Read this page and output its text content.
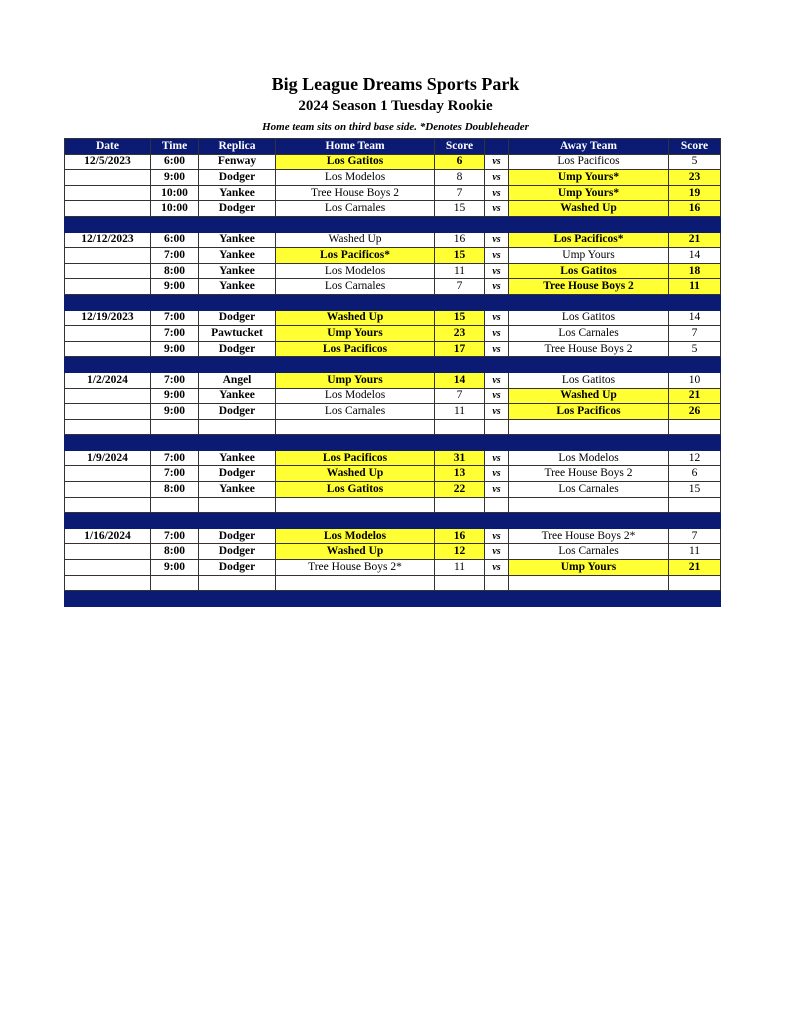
Big League Dreams Sports Park
2024 Season 1 Tuesday Rookie
Home team sits on third base side. *Denotes Doubleheader
Date	Time	Replica	Home Team	Score		Away Team	Score
12/5/2023	6:00	Fenway	Los Gatitos	6	vs	Los Pacificos	5
	9:00	Dodger	Los Modelos	8	vs	Ump Yours*	23
	10:00	Yankee	Tree House Boys 2	7	vs	Ump Yours*	19
	10:00	Dodger	Los Carnales	15	vs	Washed Up	16

12/12/2023	6:00	Yankee	Washed Up	16	vs	Los Pacificos*	21
	7:00	Yankee	Los Pacificos*	15	vs	Ump Yours	14
	8:00	Yankee	Los Modelos	11	vs	Los Gatitos	18
	9:00	Yankee	Los Carnales	7	vs	Tree House Boys 2	11

12/19/2023	7:00	Dodger	Washed Up	15	vs	Los Gatitos	14
	7:00	Pawtucket	Ump Yours	23	vs	Los Carnales	7
	9:00	Dodger	Los Pacificos	17	vs	Tree House Boys 2	5

1/2/2024	7:00	Angel	Ump Yours	14	vs	Los Gatitos	10
	9:00	Yankee	Los Modelos	7	vs	Washed Up	21
	9:00	Dodger	Los Carnales	11	vs	Los Pacificos	26

1/9/2024	7:00	Yankee	Los Pacificos	31	vs	Los Modelos	12
	7:00	Dodger	Washed Up	13	vs	Tree House Boys 2	6
	8:00	Yankee	Los Gatitos	22	vs	Los Carnales	15

1/16/2024	7:00	Dodger	Los Modelos	16	vs	Tree House Boys 2*	7
	8:00	Dodger	Washed Up	12	vs	Los Carnales	11
	9:00	Dodger	Tree House Boys 2*	11	vs	Ump Yours	21
